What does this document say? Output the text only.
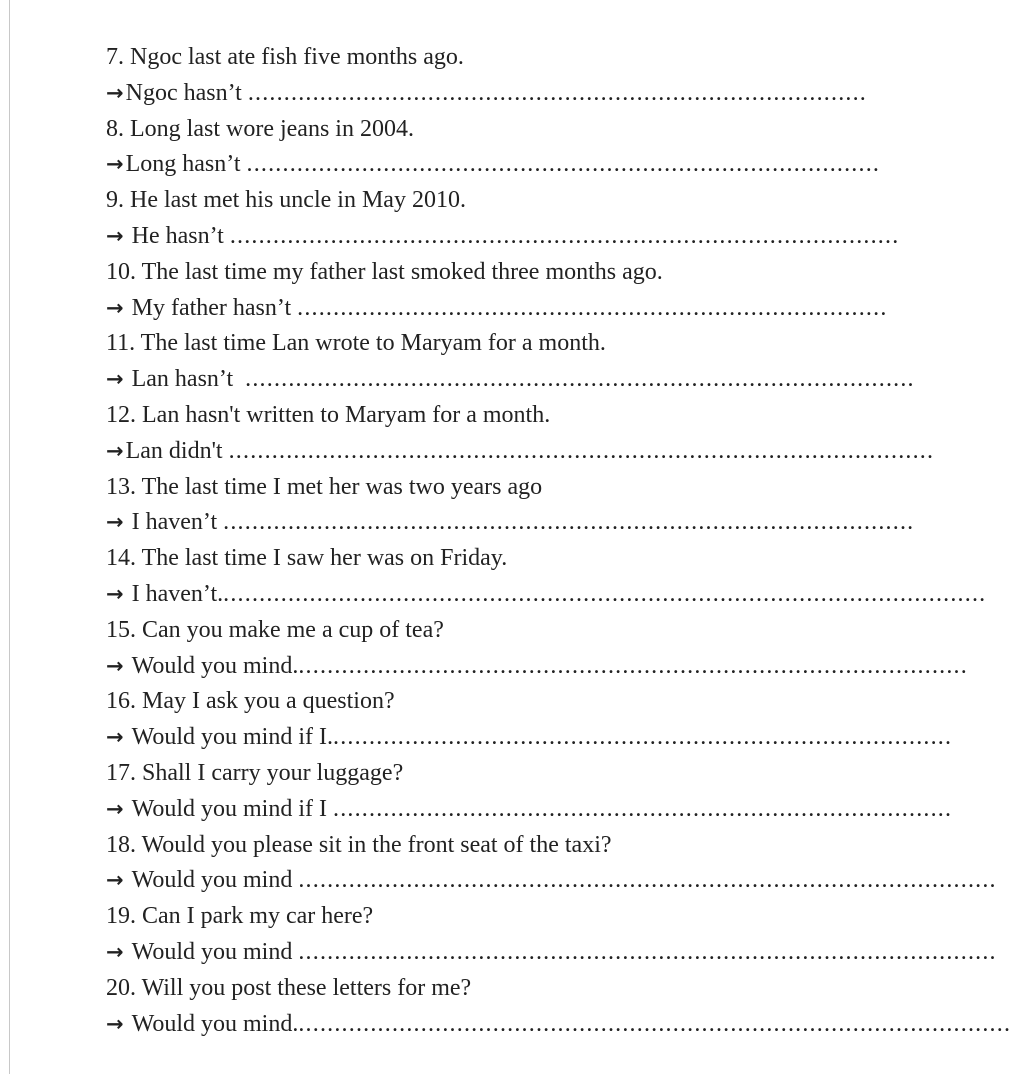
7. Ngoc last ate fish five months ago.
→ Ngoc hasn’t ......................................................................................
8. Long last wore jeans in 2004.
→ Long hasn’t ........................................................................................
9. He last met his uncle in May 2010.
→ He hasn’t .............................................................................................
10. The last time my father last smoked three months ago.
→ My father hasn’t ..................................................................................
11. The last time Lan wrote to Maryam for a month.
→ Lan hasn’t .............................................................................................
12. Lan hasn't written to Maryam for a month.
→ Lan didn't ..................................................................................................
13. The last time I met her was two years ago
→ I haven’t ................................................................................................
14. The last time I saw her was on Friday.
→ I haven’t. ..........................................................................................................
15. Can you make me a cup of tea?
→ Would you mind. .............................................................................................
16. May I ask you a question?
→ Would you mind if I. ......................................................................................
17. Shall I carry your luggage?
→ Would you mind if I ......................................................................................
18. Would you please sit in the front seat of the taxi?
→ Would you mind .................................................................................................
19. Can I park my car here?
→ Would you mind .................................................................................................
20. Will you post these letters for me?
→ Would you mind. ...................................................................................................
